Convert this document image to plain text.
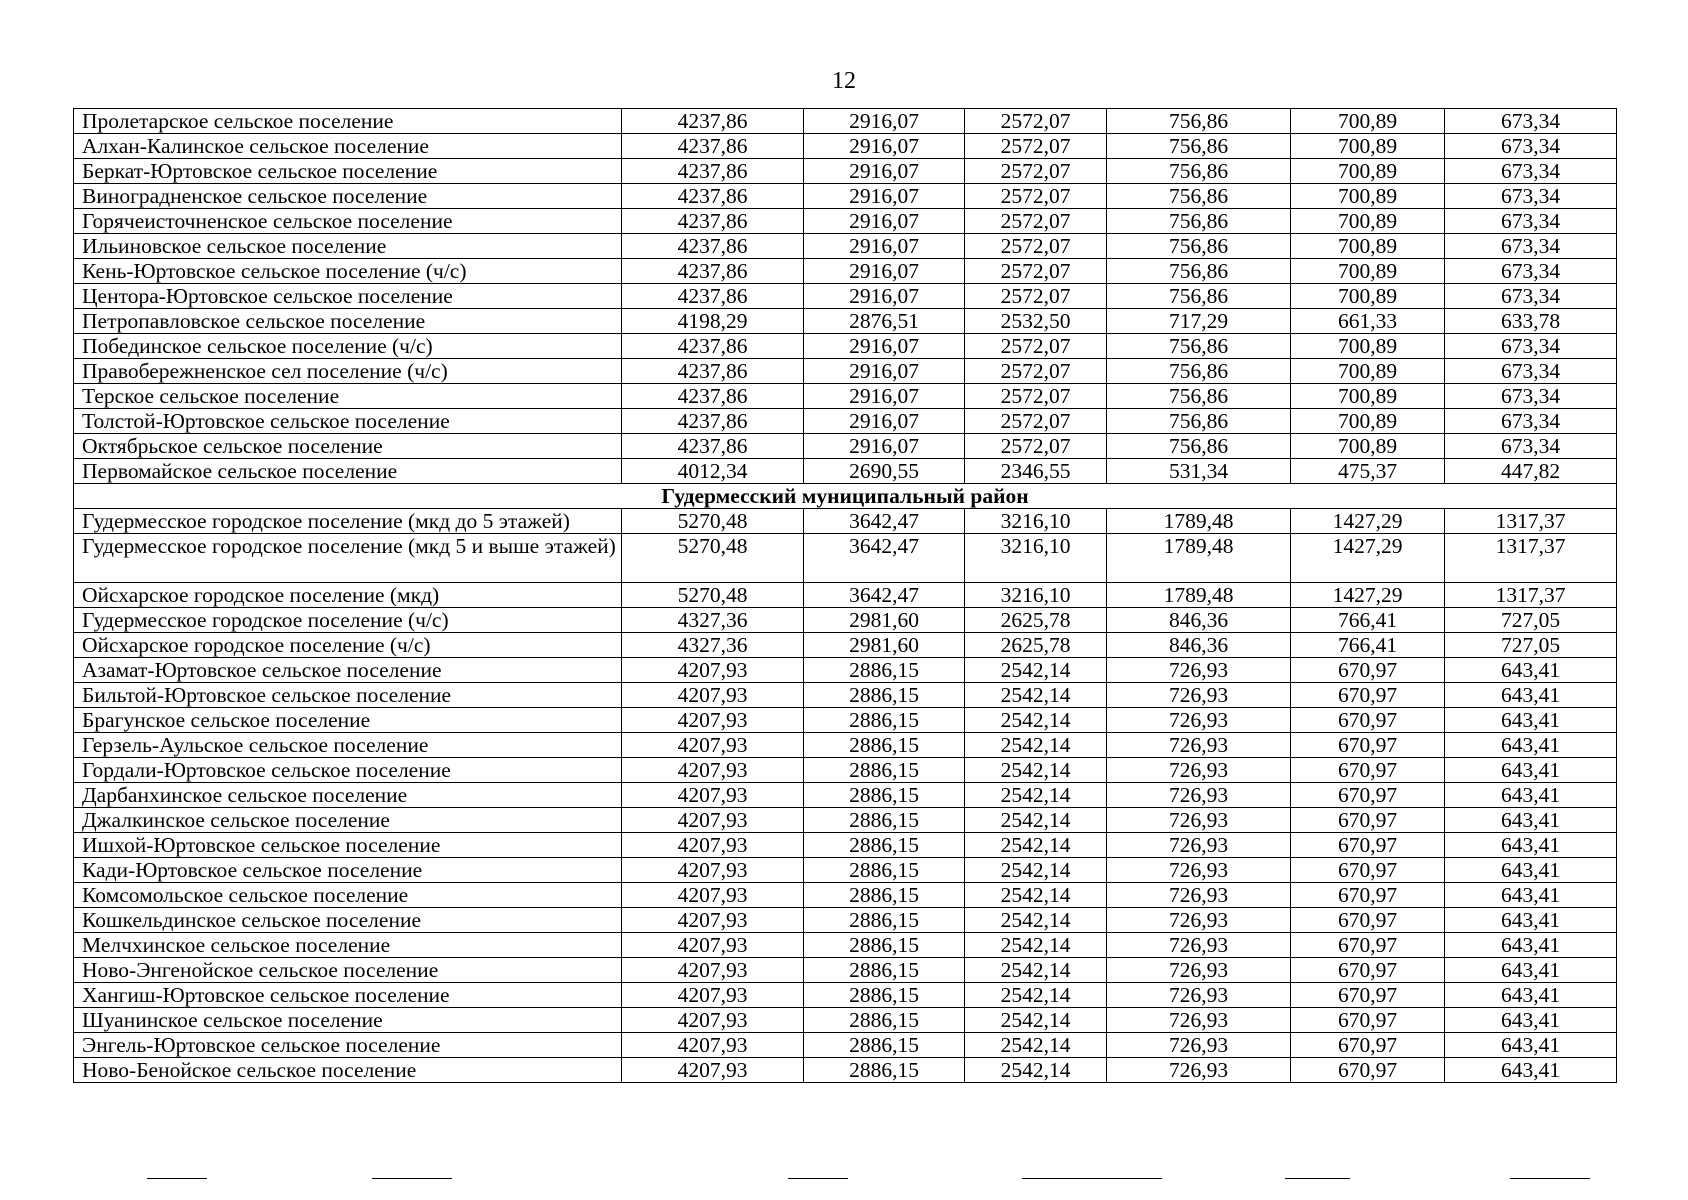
12
Пролетарское сельское поселение	4237,86	2916,07	2572,07	756,86	700,89	673,34
Алхан-Калинское сельское поселение	4237,86	2916,07	2572,07	756,86	700,89	673,34
Беркат-Юртовское сельское поселение	4237,86	2916,07	2572,07	756,86	700,89	673,34
Виноградненское сельское поселение	4237,86	2916,07	2572,07	756,86	700,89	673,34
Горячеисточненское сельское поселение	4237,86	2916,07	2572,07	756,86	700,89	673,34
Ильиновское сельское поселение	4237,86	2916,07	2572,07	756,86	700,89	673,34
Кень-Юртовское сельское поселение (ч/с)	4237,86	2916,07	2572,07	756,86	700,89	673,34
Центора-Юртовское сельское поселение	4237,86	2916,07	2572,07	756,86	700,89	673,34
Петропавловское сельское поселение	4198,29	2876,51	2532,50	717,29	661,33	633,78
Побединское сельское поселение (ч/с)	4237,86	2916,07	2572,07	756,86	700,89	673,34
Правобережненское сел поселение (ч/с)	4237,86	2916,07	2572,07	756,86	700,89	673,34
Терское сельское поселение	4237,86	2916,07	2572,07	756,86	700,89	673,34
Толстой-Юртовское сельское поселение	4237,86	2916,07	2572,07	756,86	700,89	673,34
Октябрьское сельское поселение	4237,86	2916,07	2572,07	756,86	700,89	673,34
Первомайское сельское поселение	4012,34	2690,55	2346,55	531,34	475,37	447,82
Гудермесский муниципальный район						
Гудермесское городское поселение (мкд до 5 этажей)	5270,48	3642,47	3216,10	1789,48	1427,29	1317,37
Гудермесское городское поселение (мкд 5 и выше этажей)	5270,48	3642,47	3216,10	1789,48	1427,29	1317,37
Ойсхарское городское поселение (мкд)	5270,48	3642,47	3216,10	1789,48	1427,29	1317,37
Гудермесское городское поселение (ч/с)	4327,36	2981,60	2625,78	846,36	766,41	727,05
Ойсхарское городское поселение (ч/с)	4327,36	2981,60	2625,78	846,36	766,41	727,05
Азамат-Юртовское сельское поселение	4207,93	2886,15	2542,14	726,93	670,97	643,41
Бильтой-Юртовское сельское поселение	4207,93	2886,15	2542,14	726,93	670,97	643,41
Брагунское сельское поселение	4207,93	2886,15	2542,14	726,93	670,97	643,41
Герзель-Аульское сельское поселение	4207,93	2886,15	2542,14	726,93	670,97	643,41
Гордали-Юртовское сельское поселение	4207,93	2886,15	2542,14	726,93	670,97	643,41
Дарбанхинское сельское поселение	4207,93	2886,15	2542,14	726,93	670,97	643,41
Джалкинское сельское поселение	4207,93	2886,15	2542,14	726,93	670,97	643,41
Ишхой-Юртовское сельское поселение	4207,93	2886,15	2542,14	726,93	670,97	643,41
Кади-Юртовское сельское поселение	4207,93	2886,15	2542,14	726,93	670,97	643,41
Комсомольское сельское поселение	4207,93	2886,15	2542,14	726,93	670,97	643,41
Кошкельдинское сельское поселение	4207,93	2886,15	2542,14	726,93	670,97	643,41
Мелчхинское сельское поселение	4207,93	2886,15	2542,14	726,93	670,97	643,41
Ново-Энгенойское сельское поселение	4207,93	2886,15	2542,14	726,93	670,97	643,41
Хангиш-Юртовское сельское поселение	4207,93	2886,15	2542,14	726,93	670,97	643,41
Шуанинское сельское поселение	4207,93	2886,15	2542,14	726,93	670,97	643,41
Энгель-Юртовское сельское поселение	4207,93	2886,15	2542,14	726,93	670,97	643,41
Ново-Бенойское сельское поселение	4207,93	2886,15	2542,14	726,93	670,97	643,41
